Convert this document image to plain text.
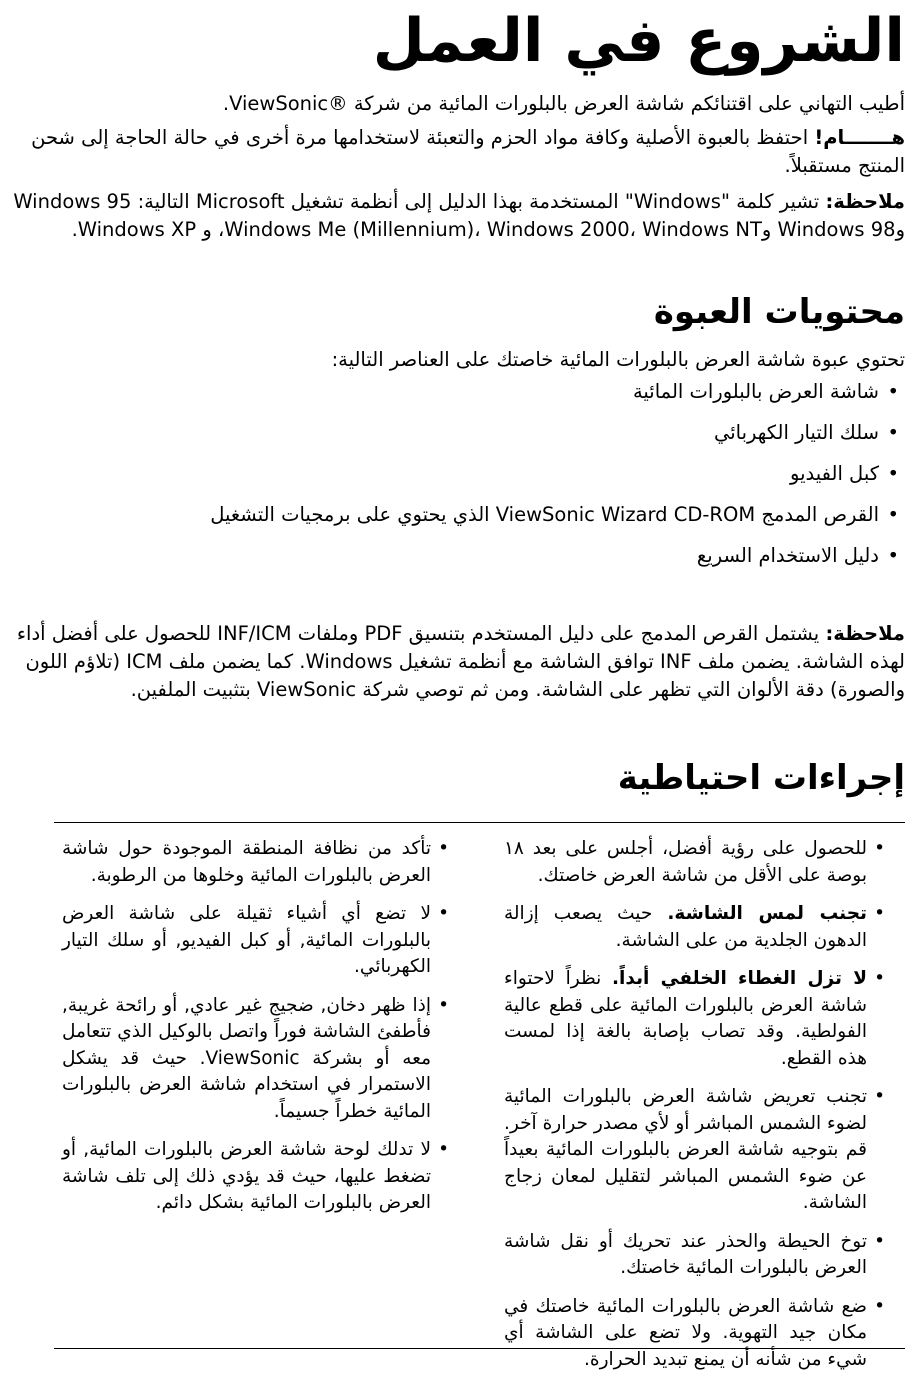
الشروع في العمل

أطيب التهاني على اقتنائكم شاشة العرض بالبلورات المائية من شركة ®ViewSonic.

هـــــــام! احتفظ بالعبوة الأصلية وكافة مواد الحزم والتعبئة لاستخدامها مرة أخرى في حالة الحاجة إلى شحن المنتج مستقبلاً.

ملاحظة: تشير كلمة "Windows" المستخدمة بهذا الدليل إلى أنظمة تشغيل Microsoft التالية: Windows 95 وWindows 98 وWindows Me (Millennium)، Windows 2000، Windows NT، و Windows XP.

محتويات العبوة

تحتوي عبوة شاشة العرض بالبلورات المائية خاصتك على العناصر التالية:

• شاشة العرض بالبلورات المائية
• سلك التيار الكهربائي
• كبل الفيديو
• القرص المدمج ViewSonic Wizard CD-ROM الذي يحتوي على برمجيات التشغيل
• دليل الاستخدام السريع

ملاحظة: يشتمل القرص المدمج على دليل المستخدم بتنسيق PDF وملفات INF/ICM للحصول على أفضل أداء لهذه الشاشة. يضمن ملف INF توافق الشاشة مع أنظمة تشغيل Windows. كما يضمن ملف ICM (تلاؤم اللون والصورة) دقة الألوان التي تظهر على الشاشة. ومن ثم توصي شركة ViewSonic بتثبيت الملفين.

إجراءات احتياطية
• للحصول على رؤية أفضل، أجلس على بعد ١٨ بوصة على الأقل من شاشة العرض خاصتك.
• تجنب لمس الشاشة. حيث يصعب إزالة الدهون الجلدية من على الشاشة.
• لا تزل الغطاء الخلفي أبداً. نظراً لاحتواء شاشة العرض بالبلورات المائية على قطع عالية الفولطية. وقد تصاب بإصابة بالغة إذا لمست هذه القطع.
• تجنب تعريض شاشة العرض بالبلورات المائية لضوء الشمس المباشر أو لأي مصدر حرارة آخر. قم بتوجيه شاشة العرض بالبلورات المائية بعيداً عن ضوء الشمس المباشر لتقليل لمعان زجاج الشاشة.
• توخ الحيطة والحذر عند تحريك أو نقل شاشة العرض بالبلورات المائية خاصتك.
• ضع شاشة العرض بالبلورات المائية خاصتك في مكان جيد التهوية. ولا تضع على الشاشة أي شيء من شأنه أن يمنع تبديد الحرارة.
• تأكد من نظافة المنطقة الموجودة حول شاشة العرض بالبلورات المائية وخلوها من الرطوبة.
• لا تضع أي أشياء ثقيلة على شاشة العرض بالبلورات المائية, أو كبل الفيديو, أو سلك التيار الكهربائي.
• إذا ظهر دخان, ضجيج غير عادي, أو رائحة غريبة, فأطفئ الشاشة فوراً واتصل بالوكيل الذي تتعامل معه أو بشركة ViewSonic. حيث قد يشكل الاستمرار في استخدام شاشة العرض بالبلورات المائية خطراً جسيماً.
• لا تدلك لوحة شاشة العرض بالبلورات المائية, أو تضغط عليها، حيث قد يؤدي ذلك إلى تلف شاشة العرض بالبلورات المائية بشكل دائم.
